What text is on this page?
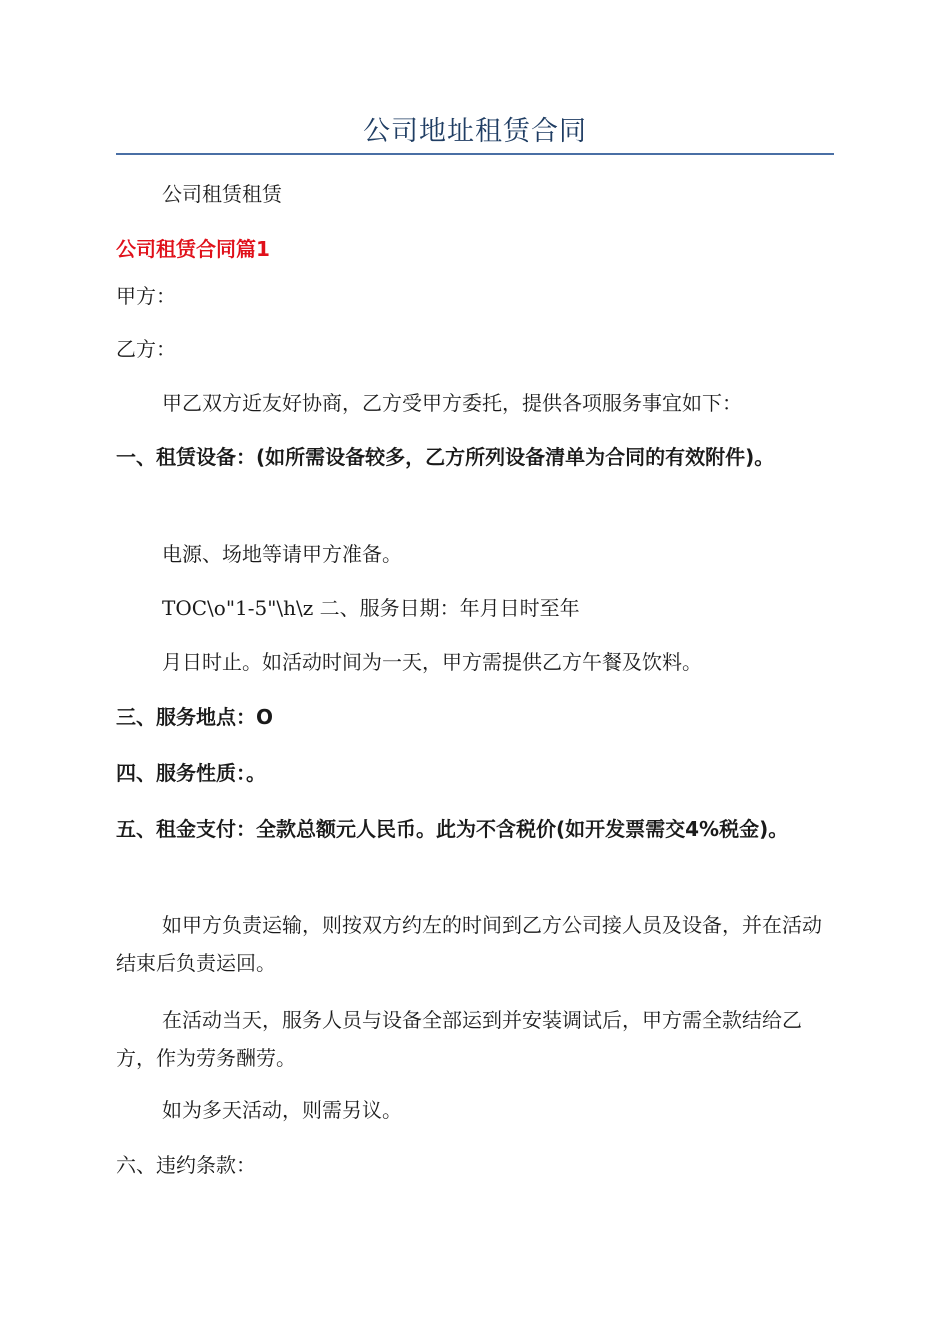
公司地址租赁合同
公司租赁租赁
公司租赁合同篇1
甲方：
乙方：
甲乙双方近友好协商，乙方受甲方委托，提供各项服务事宜如下：
一、租赁设备：(如所需设备较多，乙方所列设备清单为合同的有效附件)。
电源、场地等请甲方准备。
TOC\o"1-5"\h\z 二、服务日期：年月日时至年
月日时止。如活动时间为一天，甲方需提供乙方午餐及饮料。
三、服务地点：O
四、服务性质：。
五、租金支付：全款总额元人民币。此为不含税价(如开发票需交4%税金)。
如甲方负责运输，则按双方约左的时间到乙方公司接人员及设备，并在活动结束后负责运回。
在活动当天，服务人员与设备全部运到并安装调试后，甲方需全款结给乙方，作为劳务酬劳。
如为多天活动，则需另议。
六、违约条款：
